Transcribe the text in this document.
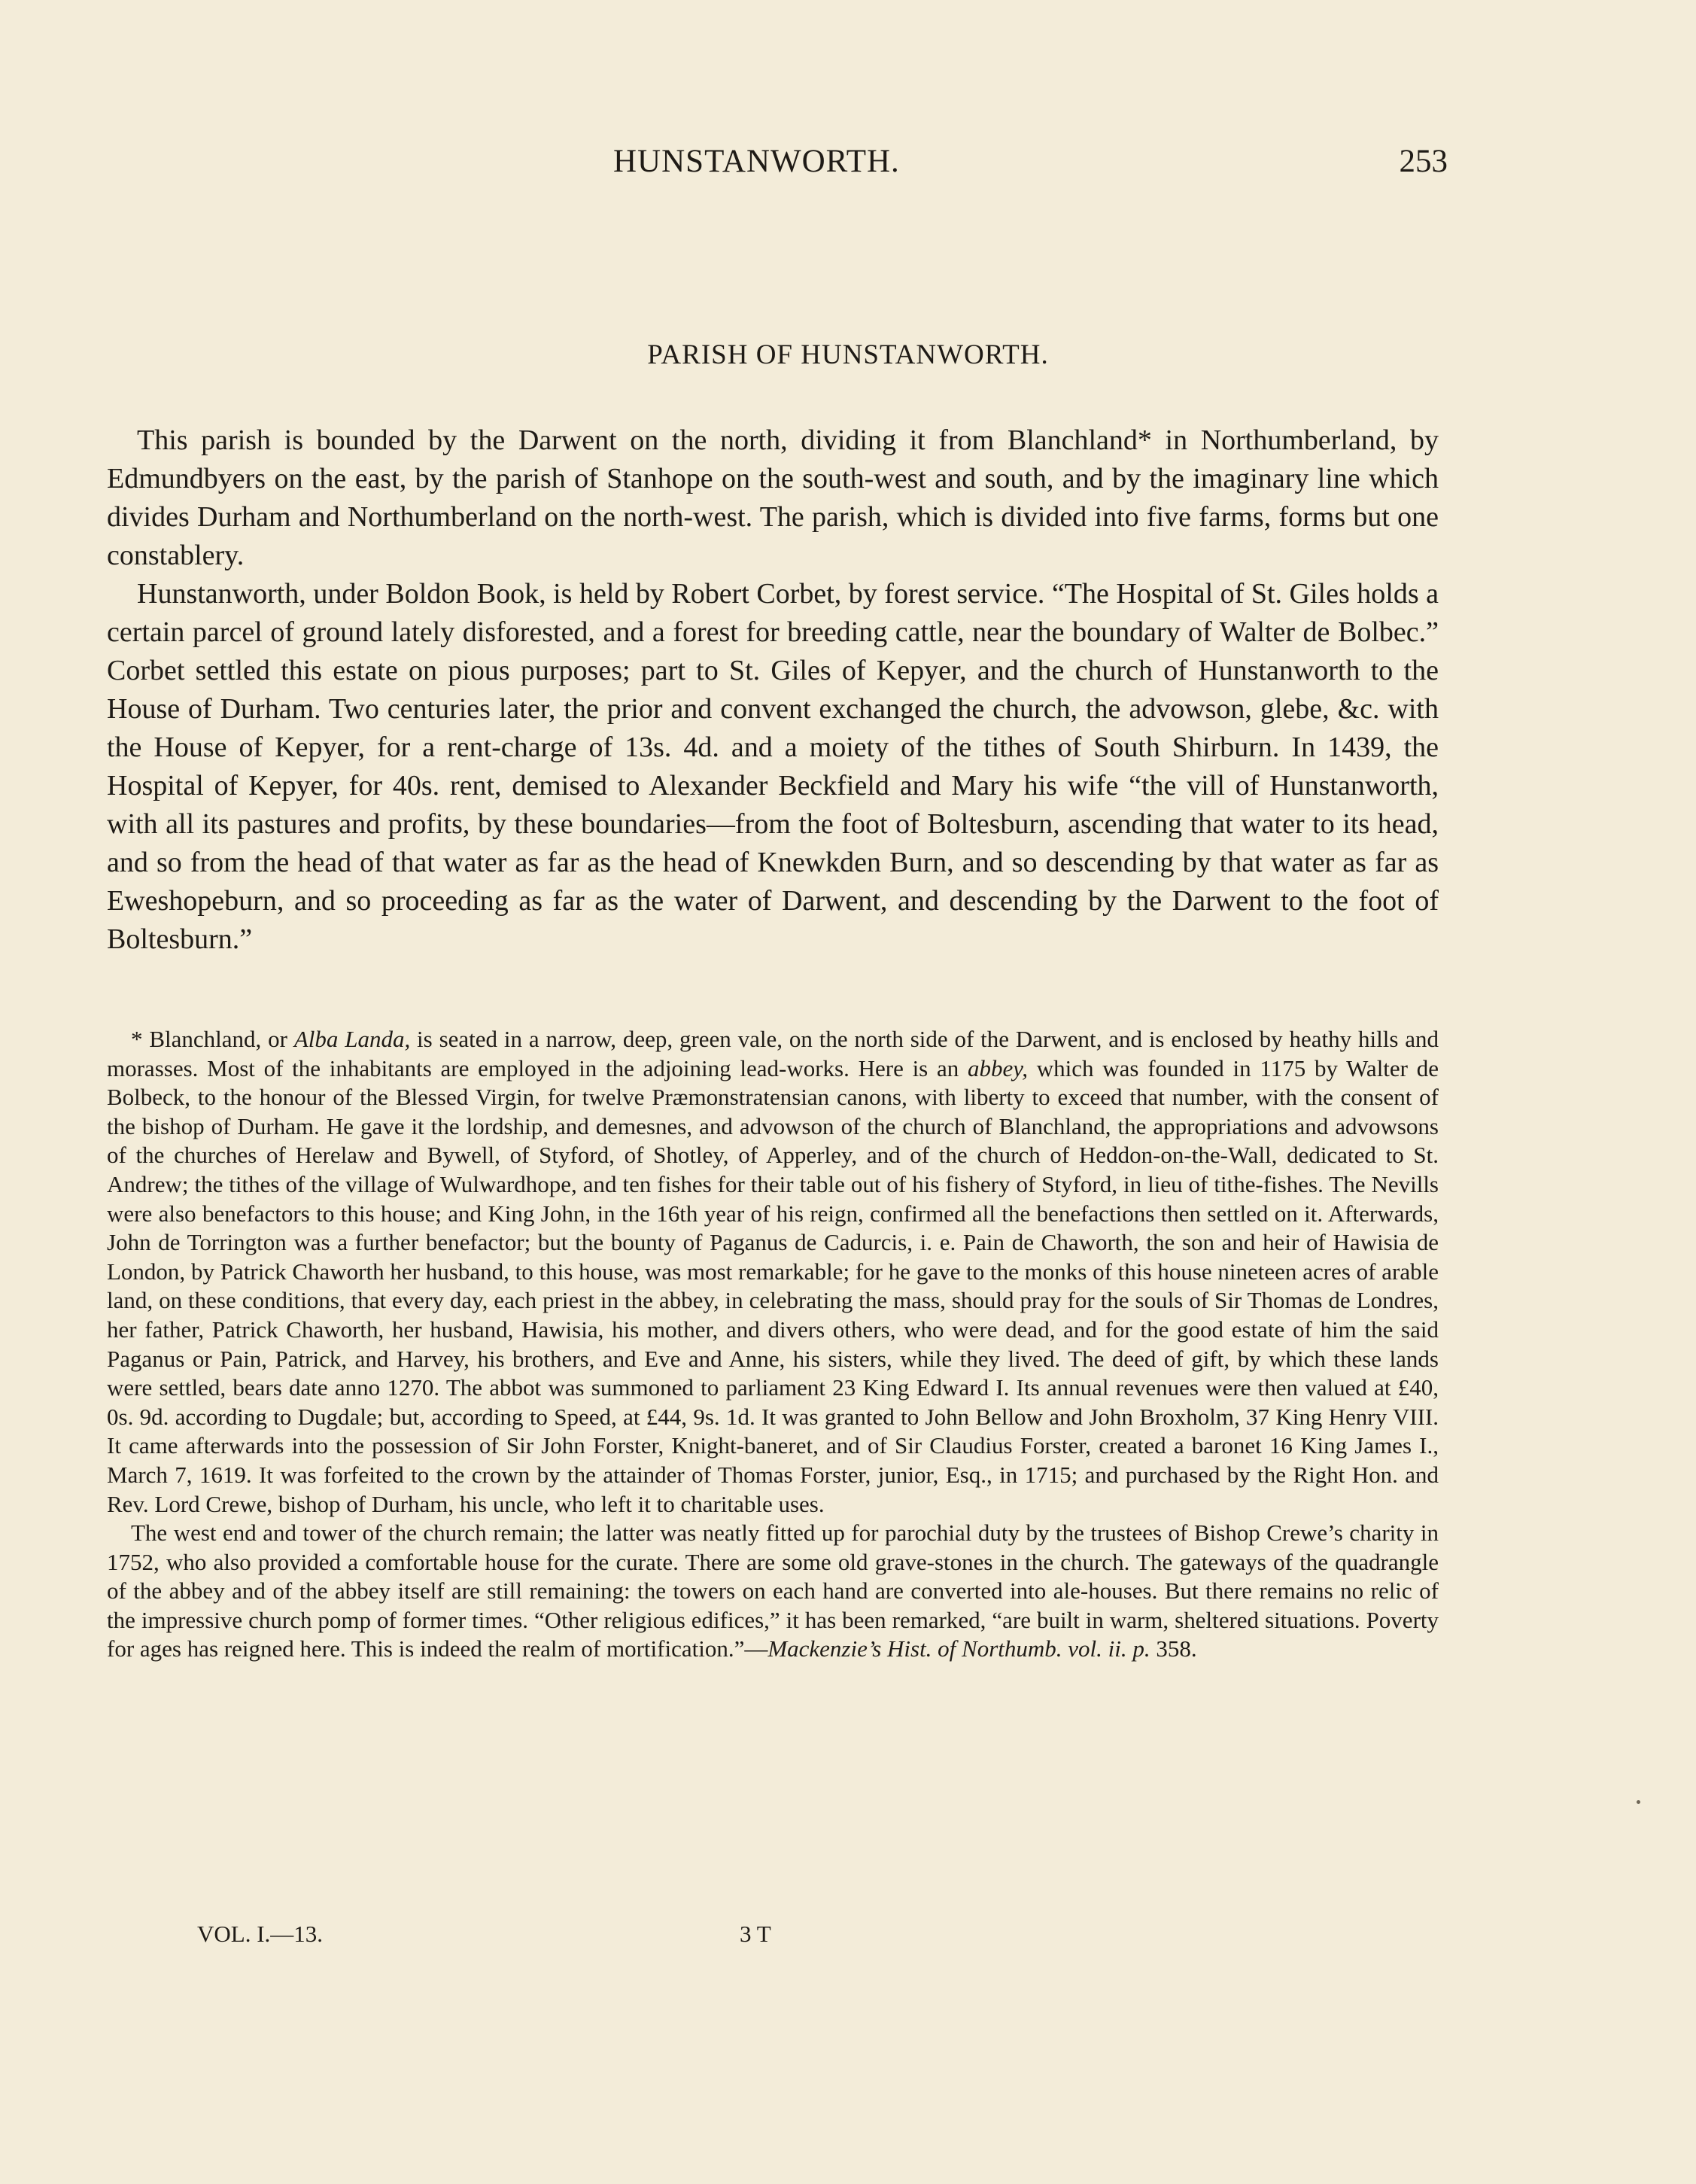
HUNSTANWORTH.	253
PARISH OF HUNSTANWORTH.

This parish is bounded by the Darwent on the north, dividing it from Blanchland* in Northumberland, by Edmundbyers on the east, by the parish of Stanhope on the south-west and south, and by the imaginary line which divides Durham and Northumberland on the north-west. The parish, which is divided into five farms, forms but one constablery.

Hunstanworth, under Boldon Book, is held by Robert Corbet, by forest service. “The Hospital of St. Giles holds a certain parcel of ground lately disforested, and a forest for breeding cattle, near the boundary of Walter de Bolbec.” Corbet settled this estate on pious purposes; part to St. Giles of Kepyer, and the church of Hunstanworth to the House of Durham. Two centuries later, the prior and convent exchanged the church, the advowson, glebe, &c. with the House of Kepyer, for a rent-charge of 13s. 4d. and a moiety of the tithes of South Shirburn. In 1439, the Hospital of Kepyer, for 40s. rent, demised to Alexander Beckfield and Mary his wife “the vill of Hunstanworth, with all its pastures and profits, by these boundaries—from the foot of Boltesburn, ascending that water to its head, and so from the head of that water as far as the head of Knewkden Burn, and so descending by that water as far as Eweshopeburn, and so proceeding as far as the water of Darwent, and descending by the Darwent to the foot of Boltesburn.”

* Blanchland, or Alba Landa, is seated in a narrow, deep, green vale, on the north side of the Darwent, and is enclosed by heathy hills and morasses. Most of the inhabitants are employed in the adjoining lead-works. Here is an abbey, which was founded in 1175 by Walter de Bolbeck, to the honour of the Blessed Virgin, for twelve Præmonstratensian canons, with liberty to exceed that number, with the consent of the bishop of Durham. He gave it the lordship, and demesnes, and advowson of the church of Blanchland, the appropriations and advowsons of the churches of Herelaw and Bywell, of Styford, of Shotley, of Apperley, and of the church of Heddon-on-the-Wall, dedicated to St. Andrew; the tithes of the village of Wulwardhope, and ten fishes for their table out of his fishery of Styford, in lieu of tithe-fishes. The Nevills were also benefactors to this house; and King John, in the 16th year of his reign, confirmed all the benefactions then settled on it. Afterwards, John de Torrington was a further benefactor; but the bounty of Paganus de Cadurcis, i. e. Pain de Chaworth, the son and heir of Hawisia de London, by Patrick Chaworth her husband, to this house, was most remarkable; for he gave to the monks of this house nineteen acres of arable land, on these conditions, that every day, each priest in the abbey, in celebrating the mass, should pray for the souls of Sir Thomas de Londres, her father, Patrick Chaworth, her husband, Hawisia, his mother, and divers others, who were dead, and for the good estate of him the said Paganus or Pain, Patrick, and Harvey, his brothers, and Eve and Anne, his sisters, while they lived. The deed of gift, by which these lands were settled, bears date anno 1270. The abbot was summoned to parliament 23 King Edward I. Its annual revenues were then valued at £40, 0s. 9d. according to Dugdale; but, according to Speed, at £44, 9s. 1d. It was granted to John Bellow and John Broxholm, 37 King Henry VIII. It came afterwards into the possession of Sir John Forster, Knight-baneret, and of Sir Claudius Forster, created a baronet 16 King James I., March 7, 1619. It was forfeited to the crown by the attainder of Thomas Forster, junior, Esq., in 1715; and purchased by the Right Hon. and Rev. Lord Crewe, bishop of Durham, his uncle, who left it to charitable uses.

The west end and tower of the church remain; the latter was neatly fitted up for parochial duty by the trustees of Bishop Crewe’s charity in 1752, who also provided a comfortable house for the curate. There are some old grave-stones in the church. The gateways of the quadrangle of the abbey and of the abbey itself are still remaining: the towers on each hand are converted into ale-houses. But there remains no relic of the impressive church pomp of former times. “Other religious edifices,” it has been remarked, “are built in warm, sheltered situations. Poverty for ages has reigned here. This is indeed the realm of mortification.”—Mackenzie’s Hist. of Northumb. vol. ii. p. 358.

VOL. I.—13.	3 T
